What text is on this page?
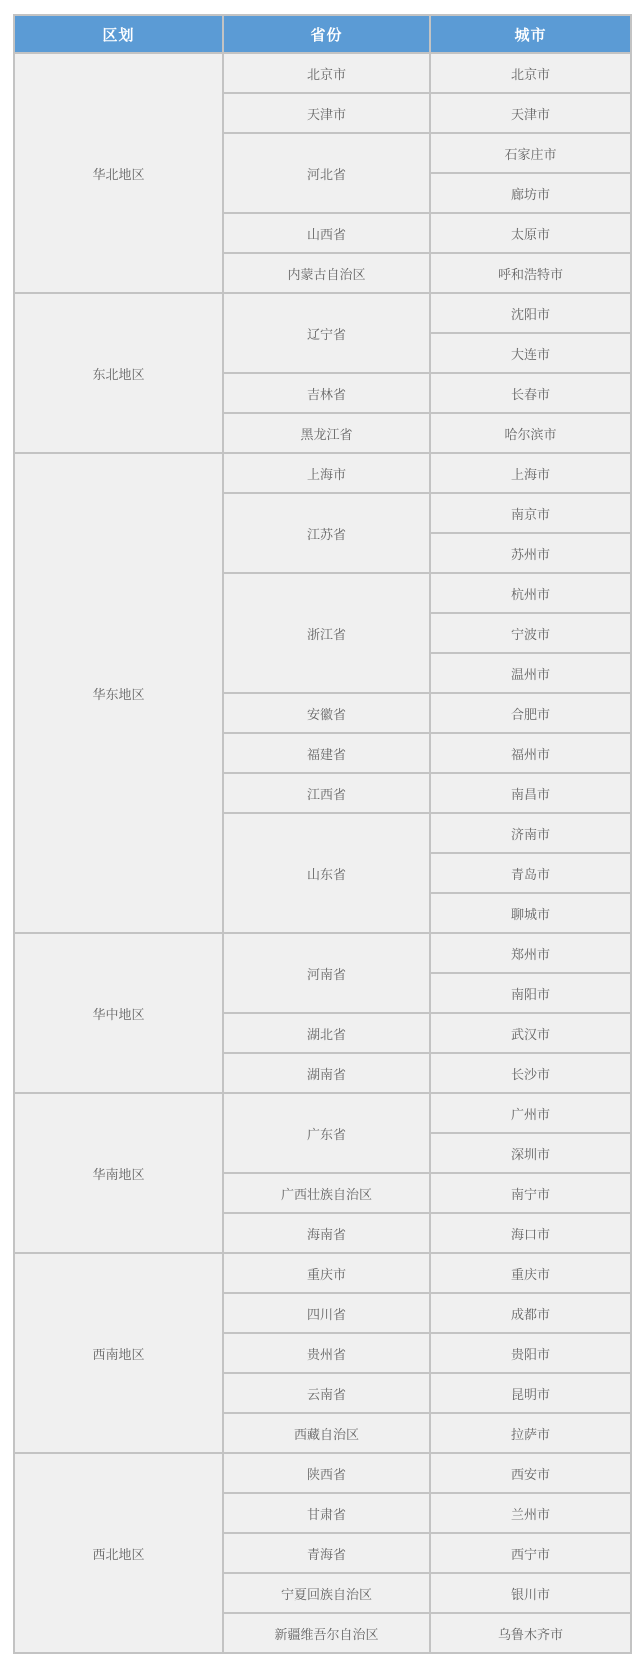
区划	省份	城市
华北地区	北京市	北京市
	天津市	天津市
	河北省	石家庄市
		廊坊市
	山西省	太原市
	内蒙古自治区	呼和浩特市
东北地区	辽宁省	沈阳市
		大连市
	吉林省	长春市
	黑龙江省	哈尔滨市
华东地区	上海市	上海市
	江苏省	南京市
		苏州市
	浙江省	杭州市
		宁波市
		温州市
	安徽省	合肥市
	福建省	福州市
	江西省	南昌市
	山东省	济南市
		青岛市
		聊城市
华中地区	河南省	郑州市
		南阳市
	湖北省	武汉市
	湖南省	长沙市
华南地区	广东省	广州市
		深圳市
	广西壮族自治区	南宁市
	海南省	海口市
西南地区	重庆市	重庆市
	四川省	成都市
	贵州省	贵阳市
	云南省	昆明市
	西藏自治区	拉萨市
西北地区	陕西省	西安市
	甘肃省	兰州市
	青海省	西宁市
	宁夏回族自治区	银川市
	新疆维吾尔自治区	乌鲁木齐市
